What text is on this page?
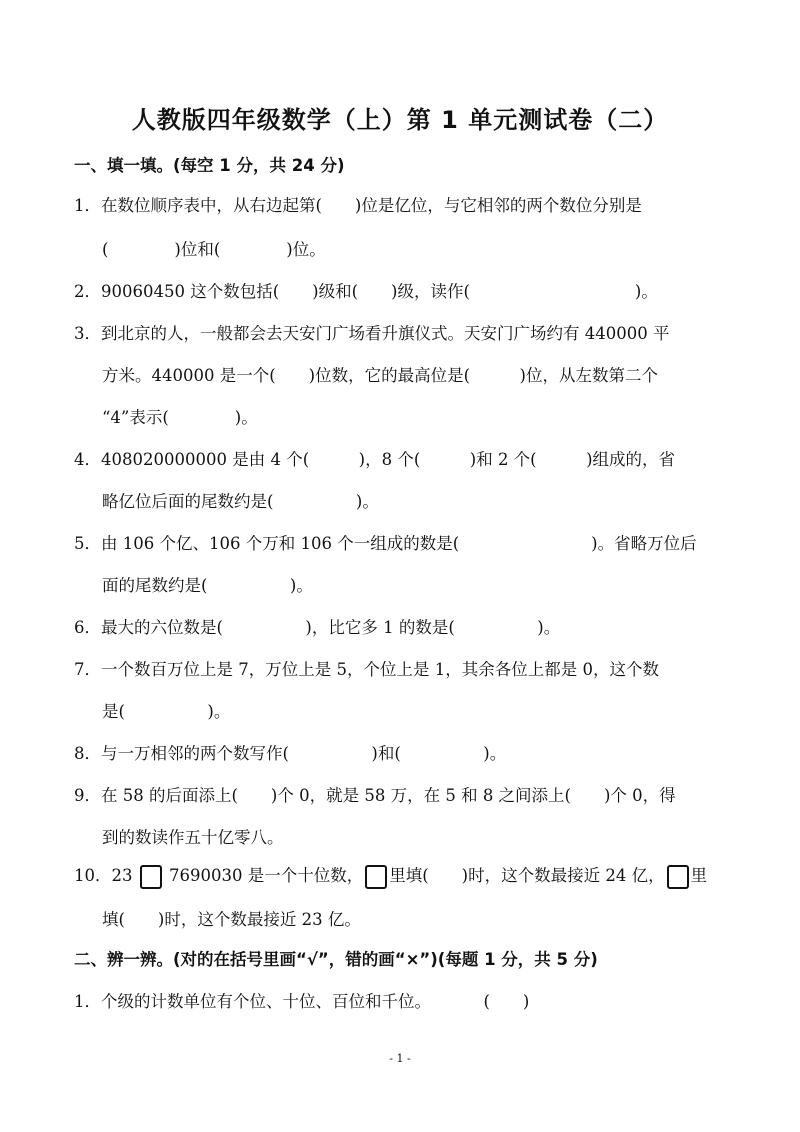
人教版四年级数学（上）第 1 单元测试卷（二）
一、填一填。(每空 1 分，共 24 分)
1．在数位顺序表中，从右边起第(　　)位是亿位，与它相邻的两个数位分别是
(　　　　)位和(　　　　)位。
2．90060450 这个数包括(　　)级和(　　)级，读作(　　　　　　　　　　)。
3．到北京的人，一般都会去天安门广场看升旗仪式。天安门广场约有 440000 平
方米。440000 是一个(　　)位数，它的最高位是(　　　)位，从左数第二个
“4”表示(　　　　)。
4．408020000000 是由 4 个(　　　)，8 个(　　　)和 2 个(　　　)组成的，省
略亿位后面的尾数约是(　　　　　)。
5．由 106 个亿、106 个万和 106 个一组成的数是(　　　　　　　　)。省略万位后
面的尾数约是(　　　　　)。
6．最大的六位数是(　　　　　)，比它多 1 的数是(　　　　　)。
7．一个数百万位上是 7，万位上是 5，个位上是 1，其余各位上都是 0，这个数
是(　　　　　)。
8．与一万相邻的两个数写作(　　　　　)和(　　　　　)。
9．在 58 的后面添上(　　)个 0，就是 58 万，在 5 和 8 之间添上(　　)个 0，得
到的数读作五十亿零八。
10．23 7690030 是一个十位数， 里填(　　)时，这个数最接近 24 亿， 里
填(　　)时，这个数最接近 23 亿。
二、辨一辨。(对的在括号里画“√”，错的画“×”)(每题 1 分，共 5 分)
1．个级的计数单位有个位、十位、百位和千位。	(　　)
- 1 -
